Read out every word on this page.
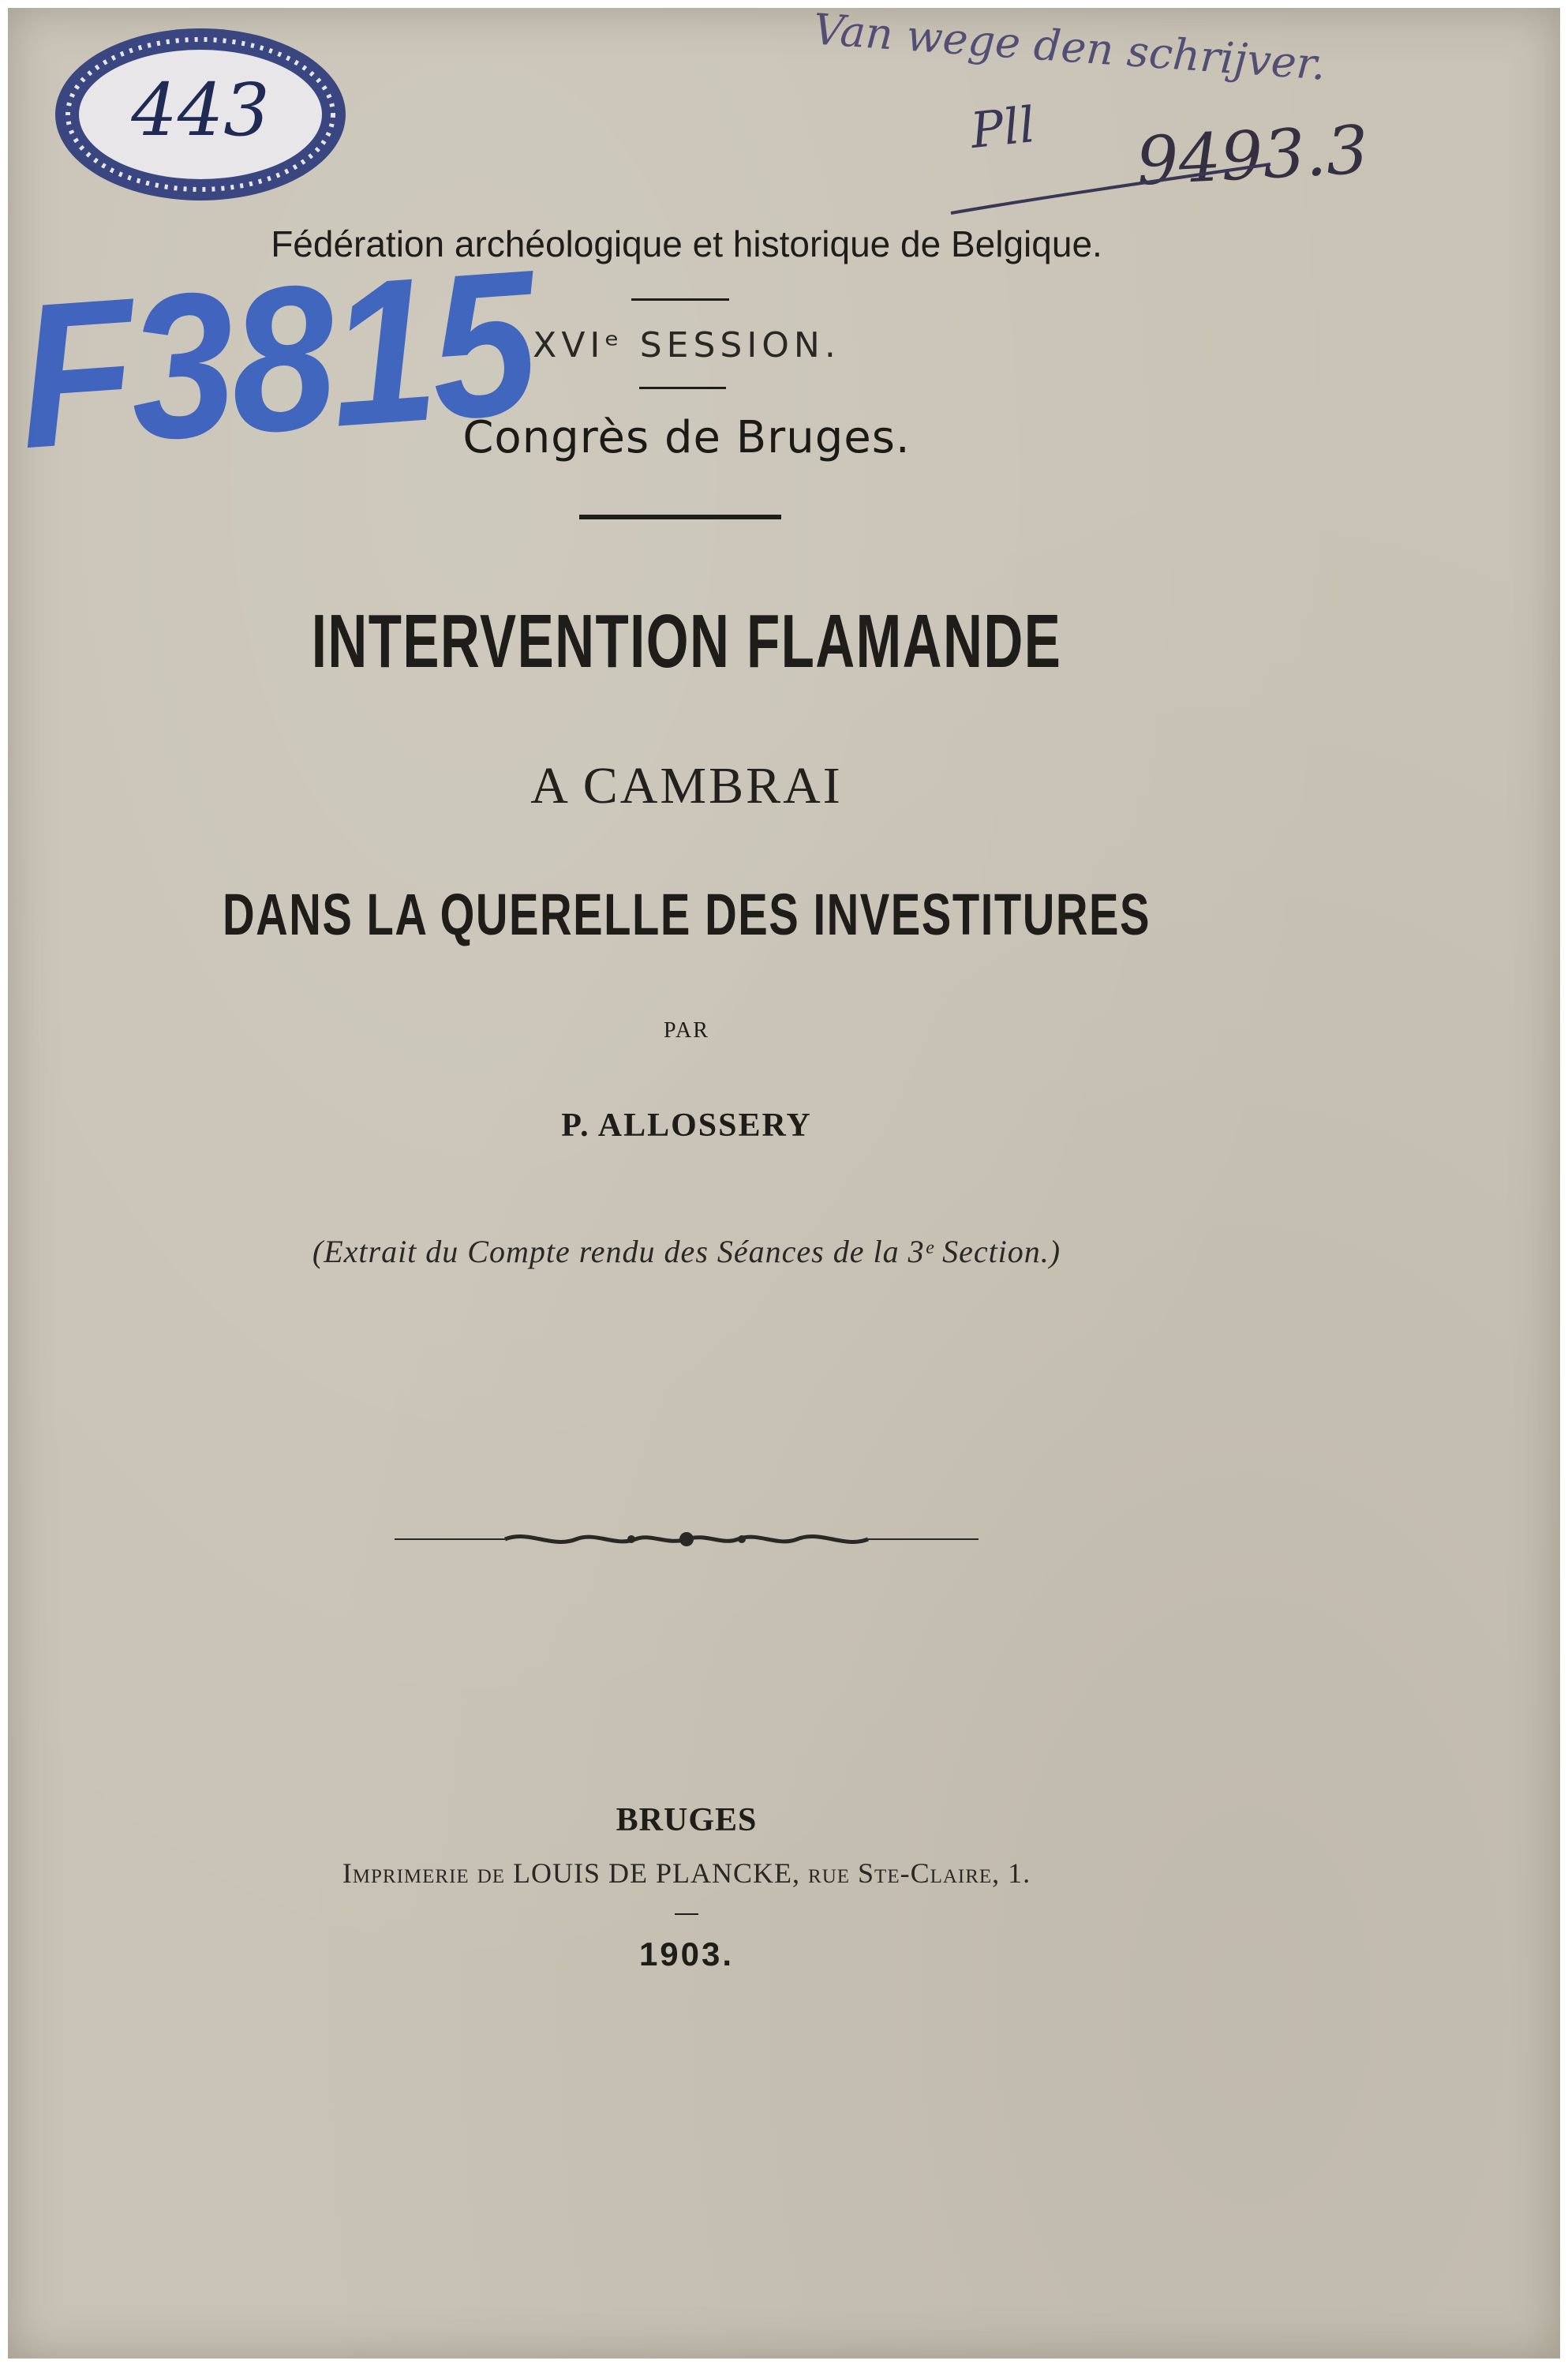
443
Van wege den schrijver.
9493.3
Pll
Fédération archéologique et historique de Belgique.
XVIᵉ SESSION.
Congrès de Bruges.
F3815
INTERVENTION FLAMANDE
A CAMBRAI
DANS LA QUERELLE DES INVESTITURES
PAR
P. ALLOSSERY
(Extrait du Compte rendu des Séances de la 3ᵉ Section.)
BRUGES
Imprimerie de LOUIS DE PLANCKE, rue Ste-Claire, 1.
1903.
